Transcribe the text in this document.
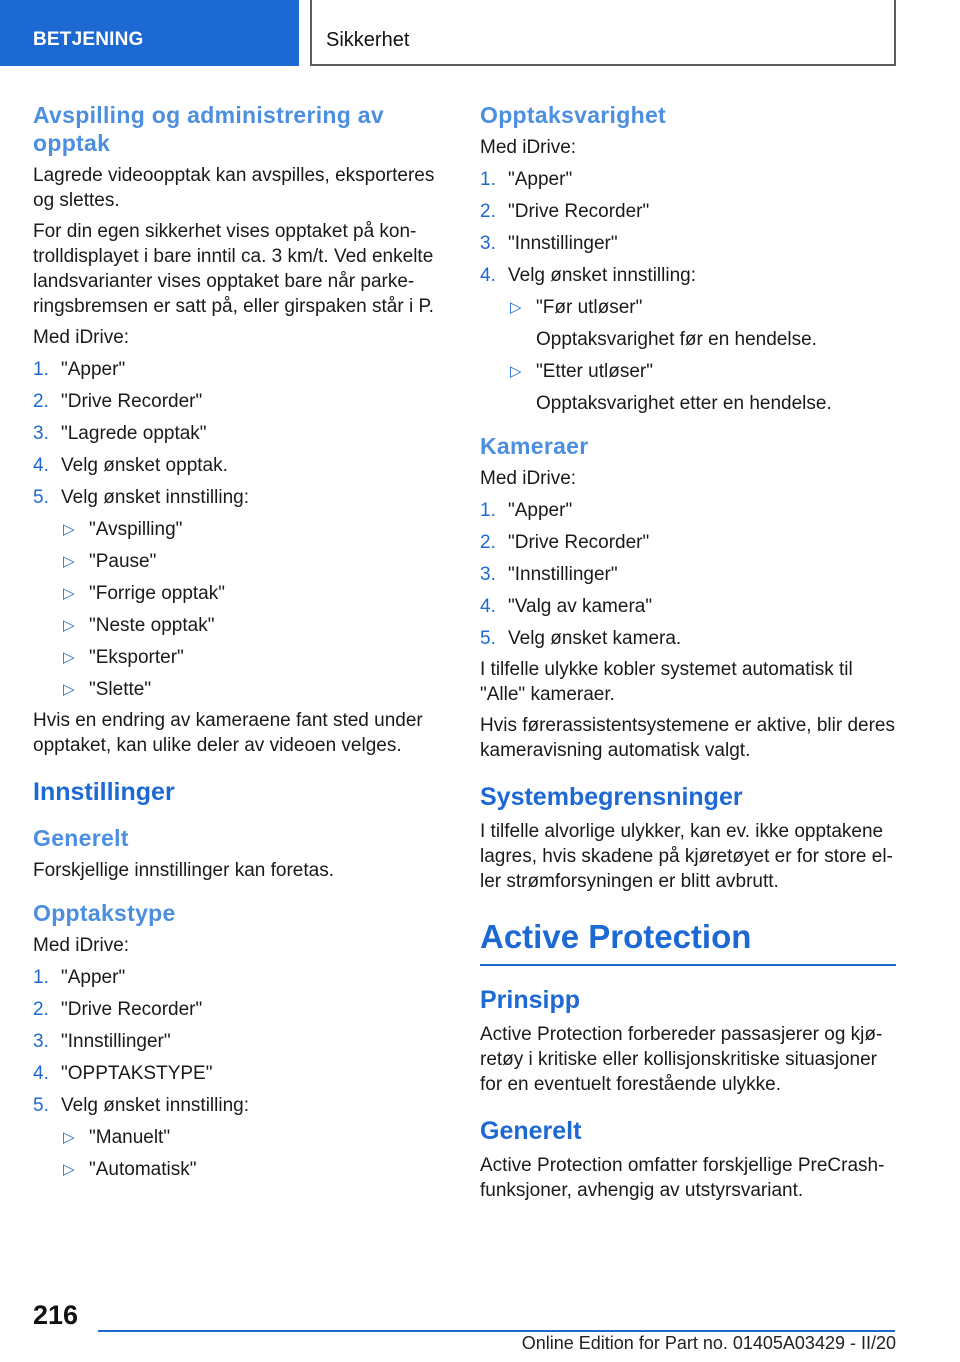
BETJENING	Sikkerhet
Avspilling og administrering av opptak

Lagrede videoopptak kan avspilles, eksporteres og slettes.

For din egen sikkerhet vises opptaket på kon-trolldisplayet i bare inntil ca. 3 km/t. Ved enkelte landsvarianter vises opptaket bare når parke-ringsbremsen er satt på, eller girspaken står i P.

Med iDrive:

1. "Apper"
2. "Drive Recorder"
3. "Lagrede opptak"
4. Velg ønsket opptak.
5. Velg ønsket innstilling:
▷ "Avspilling"
▷ "Pause"
▷ "Forrige opptak"
▷ "Neste opptak"
▷ "Eksporter"
▷ "Slette"

Hvis en endring av kameraene fant sted under opptaket, kan ulike deler av videoen velges.

Innstillinger
Generelt

Forskjellige innstillinger kan foretas.

Opptakstype

Med iDrive:

1. "Apper"
2. "Drive Recorder"
3. "Innstillinger"
4. "OPPTAKSTYPE"
5. Velg ønsket innstilling:
▷ "Manuelt"
▷ "Automatisk"
Opptaksvarighet

Med iDrive:

1. "Apper"
2. "Drive Recorder"
3. "Innstillinger"
4. Velg ønsket innstilling:
▷ "Før utløser"
Opptaksvarighet før en hendelse.
▷ "Etter utløser"
Opptaksvarighet etter en hendelse.
Kameraer

Med iDrive:

1. "Apper"
2. "Drive Recorder"
3. "Innstillinger"
4. "Valg av kamera"
5. Velg ønsket kamera.

I tilfelle ulykke kobler systemet automatisk til "Alle" kameraer.

Hvis førerassistentsystemene er aktive, blir deres kameravisning automatisk valgt.

Systembegrensninger

I tilfelle alvorlige ulykker, kan ev. ikke opptakene lagres, hvis skadene på kjøretøyet er for store el-ler strømforsyningen er blitt avbrutt.

Active Protection
Prinsipp

Active Protection forbereder passasjerer og kjø-retøy i kritiske eller kollisjonskritiske situasjoner for en eventuelt forestående ulykke.

Generelt

Active Protection omfatter forskjellige PreCrash-funksjoner, avhengig av utstyrsvariant.

216
Online Edition for Part no. 01405A03429 - II/20
